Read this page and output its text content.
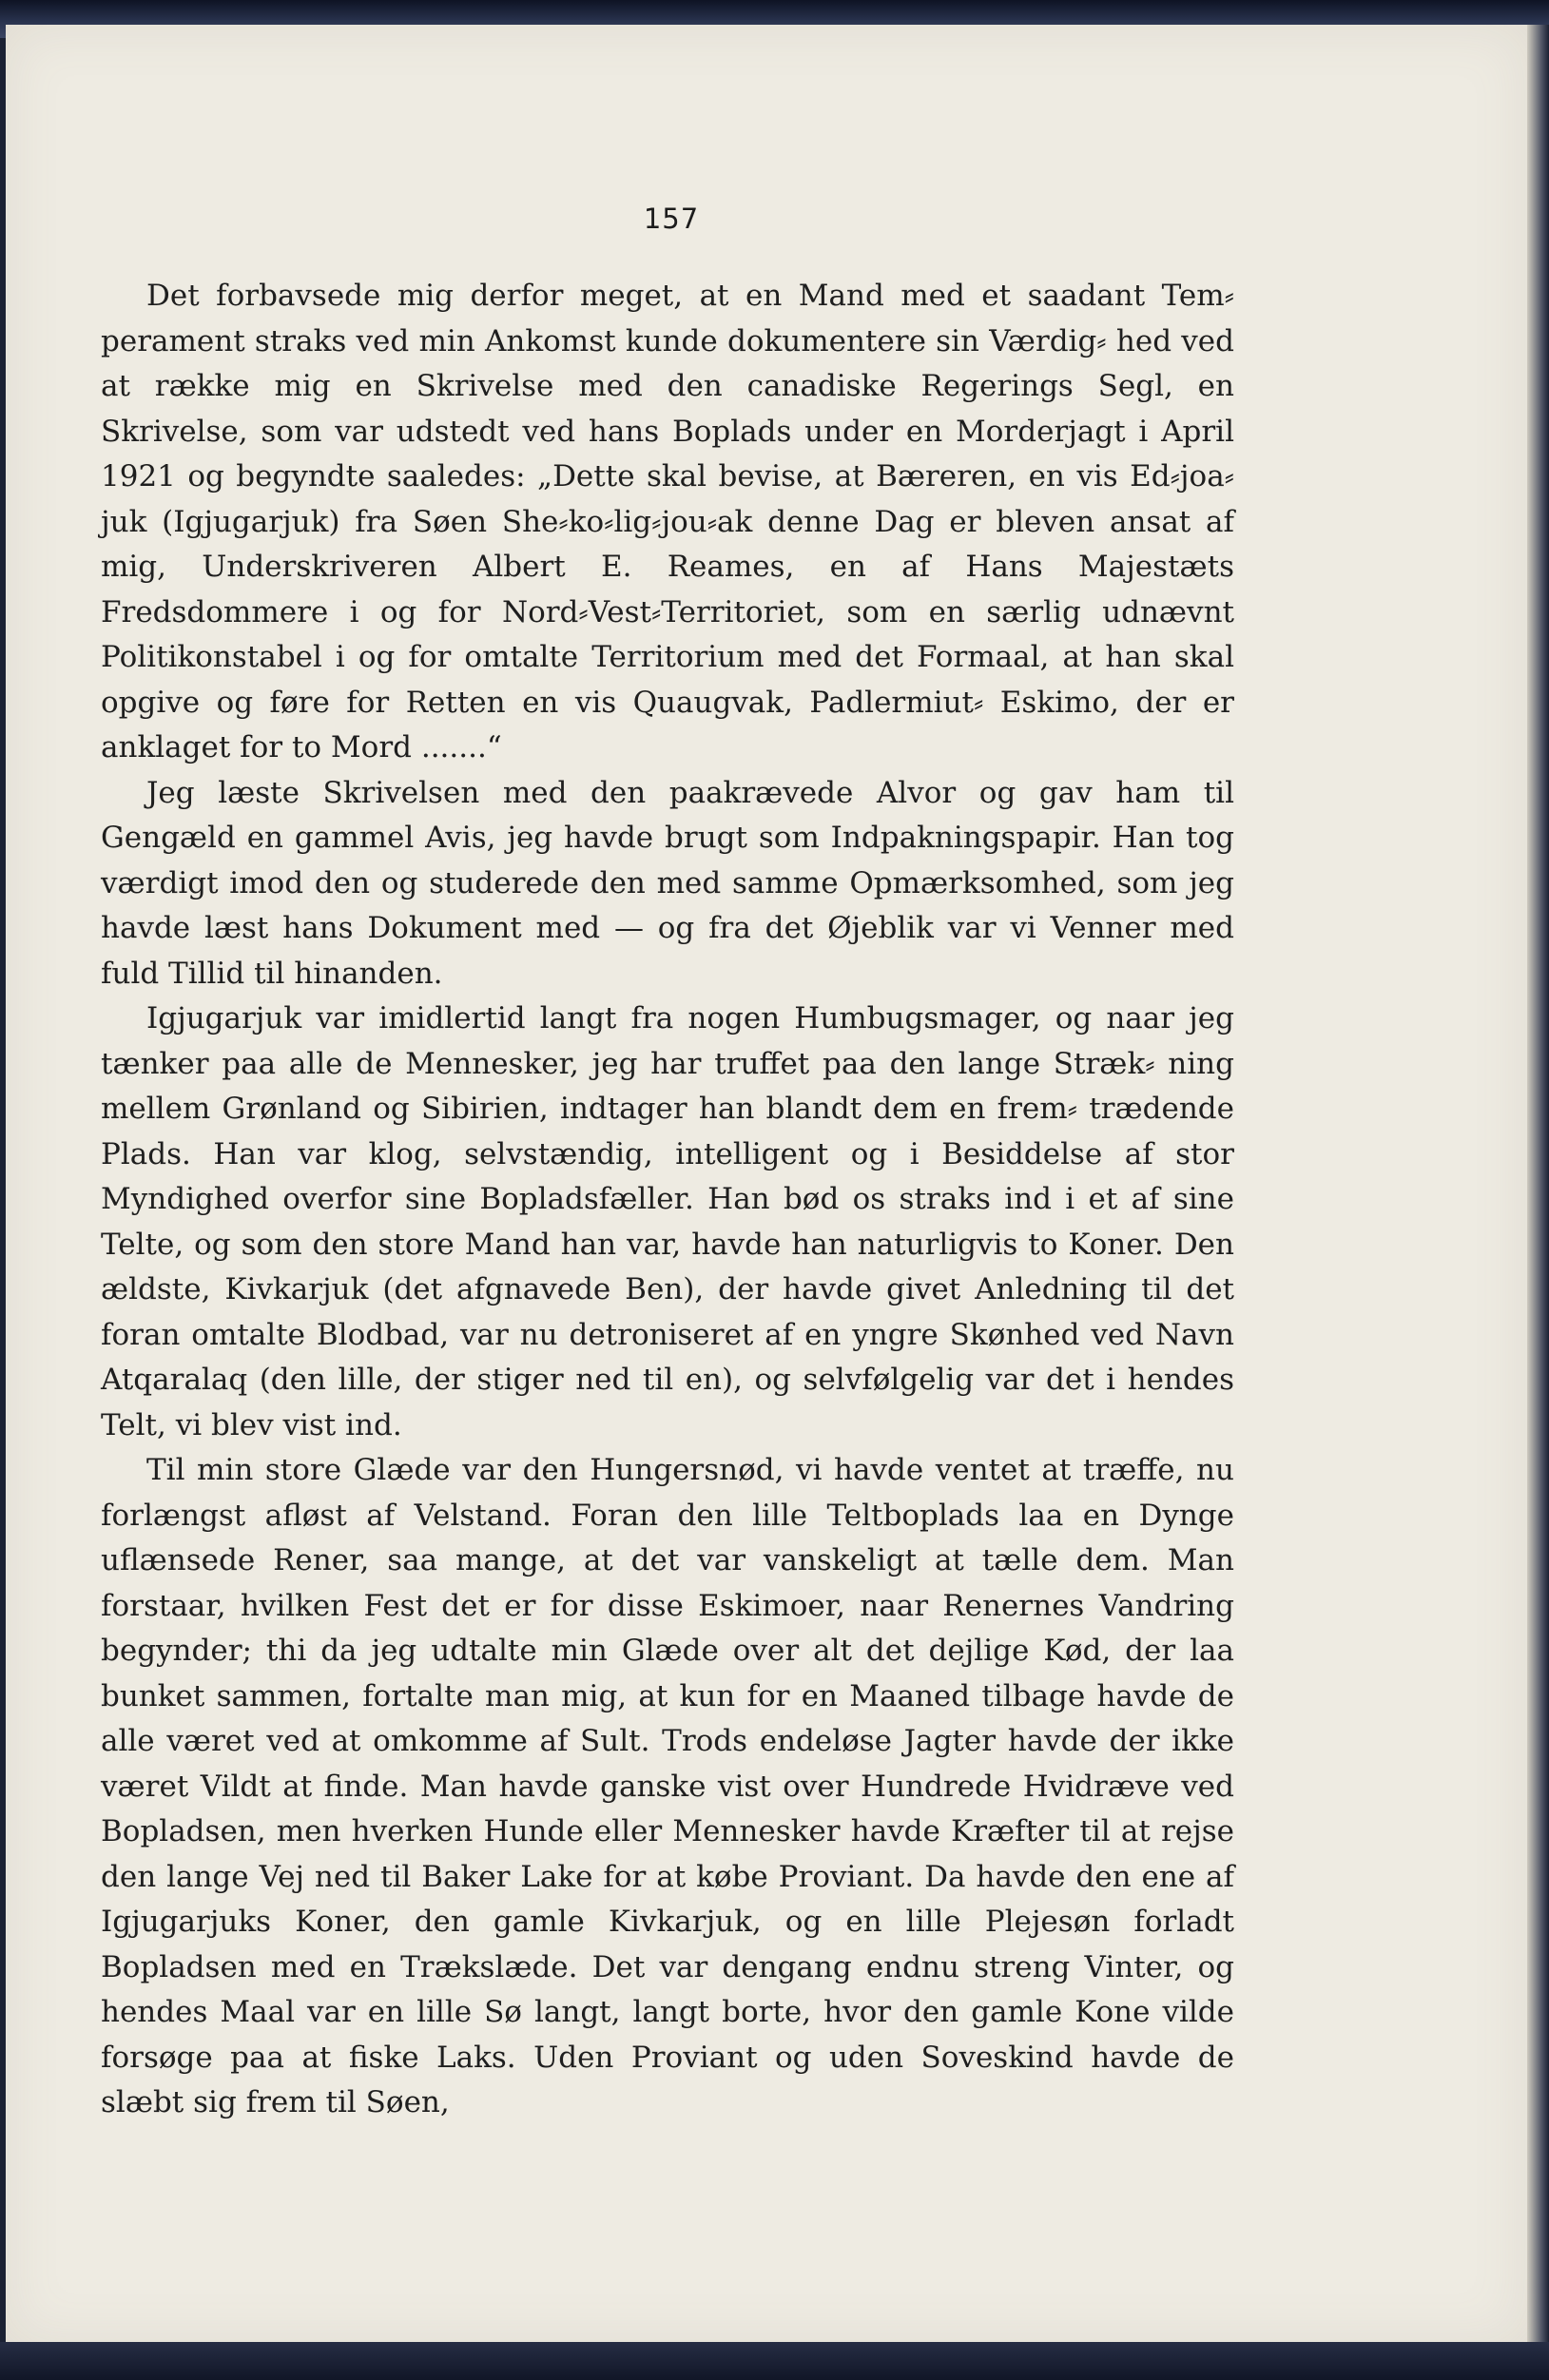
157

Det forbavsede mig derfor meget, at en Mand med et saadant Tem⸗ perament straks ved min Ankomst kunde dokumentere sin Værdig⸗ hed ved at række mig en Skrivelse med den canadiske Regerings Segl, en Skrivelse, som var udstedt ved hans Boplads under en Morderjagt i April 1921 og begyndte saaledes: „Dette skal bevise, at Bæreren, en vis Ed⸗joa⸗juk (Igjugarjuk) fra Søen She⸗ko⸗lig⸗jou⸗ak denne Dag er bleven ansat af mig, Underskriveren Albert E. Reames, en af Hans Majestæts Fredsdommere i og for Nord⸗Vest⸗Territoriet, som en særlig udnævnt Politikonstabel i og for omtalte Territorium med det Formaal, at han skal opgive og føre for Retten en vis Quaugvak, Padlermiut⸗ Eskimo, der er anklaget for to Mord .......“

Jeg læste Skrivelsen med den paakrævede Alvor og gav ham til Gengæld en gammel Avis, jeg havde brugt som Indpakningspapir. Han tog værdigt imod den og studerede den med samme Opmærksomhed, som jeg havde læst hans Dokument med — og fra det Øjeblik var vi Venner med fuld Tillid til hinanden.

Igjugarjuk var imidlertid langt fra nogen Humbugsmager, og naar jeg tænker paa alle de Mennesker, jeg har truffet paa den lange Stræk⸗ ning mellem Grønland og Sibirien, indtager han blandt dem en frem⸗ trædende Plads. Han var klog, selvstændig, intelligent og i Besiddelse af stor Myndighed overfor sine Bopladsfæller. Han bød os straks ind i et af sine Telte, og som den store Mand han var, havde han naturligvis to Koner. Den ældste, Kivkarjuk (det afgnavede Ben), der havde givet Anledning til det foran omtalte Blodbad, var nu detroniseret af en yngre Skønhed ved Navn Atqaralaq (den lille, der stiger ned til en), og selvfølgelig var det i hendes Telt, vi blev vist ind.

Til min store Glæde var den Hungersnød, vi havde ventet at træffe, nu forlængst afløst af Velstand. Foran den lille Teltboplads laa en Dynge uflænsede Rener, saa mange, at det var vanskeligt at tælle dem. Man forstaar, hvilken Fest det er for disse Eskimoer, naar Renernes Vandring begynder; thi da jeg udtalte min Glæde over alt det dejlige Kød, der laa bunket sammen, fortalte man mig, at kun for en Maaned tilbage havde de alle været ved at omkomme af Sult. Trods endeløse Jagter havde der ikke været Vildt at finde. Man havde ganske vist over Hundrede Hvidræve ved Bopladsen, men hverken Hunde eller Mennesker havde Kræfter til at rejse den lange Vej ned til Baker Lake for at købe Proviant. Da havde den ene af Igjugarjuks Koner, den gamle Kivkarjuk, og en lille Plejesøn forladt Bopladsen med en Trækslæde. Det var dengang endnu streng Vinter, og hendes Maal var en lille Sø langt, langt borte, hvor den gamle Kone vilde forsøge paa at fiske Laks. Uden Proviant og uden Soveskind havde de slæbt sig frem til Søen,
